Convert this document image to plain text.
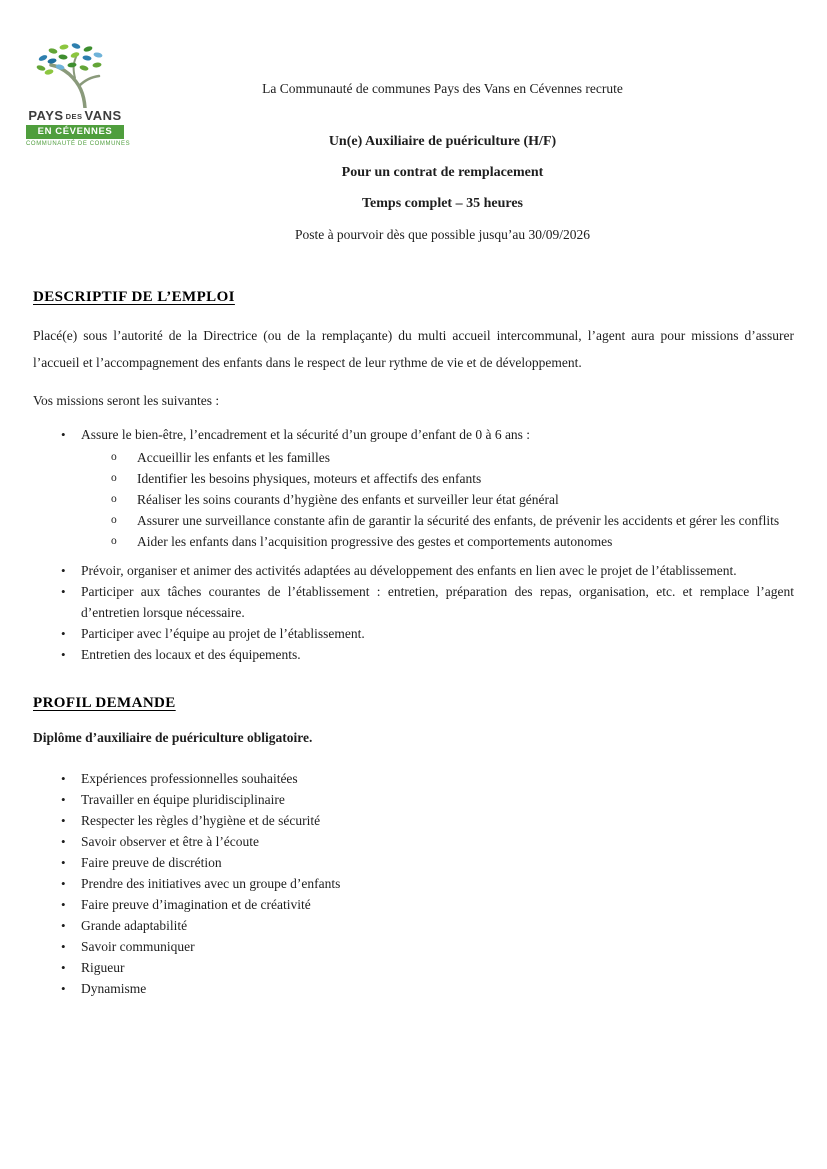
PAYS DES VANS
EN CÉVENNES
COMMUNAUTÉ DE COMMUNES

La Communauté de communes Pays des Vans en Cévennes recrute

Un(e) Auxiliaire de puériculture (H/F)

Pour un contrat de remplacement

Temps complet – 35 heures

Poste à pourvoir dès que possible jusqu’au 30/09/2026

DESCRIPTIF DE L’EMPLOI

Placé(e) sous l’autorité de la Directrice (ou de la remplaçante) du multi accueil intercommunal, l’agent aura pour missions d’assurer l’accueil et l’accompagnement des enfants dans le respect de leur rythme de vie et de développement.

Vos missions seront les suivantes :

• Assure le bien-être, l’encadrement et la sécurité d’un groupe d’enfant de 0 à 6 ans :
o Accueillir les enfants et les familles
o Identifier les besoins physiques, moteurs et affectifs des enfants
o Réaliser les soins courants d’hygiène des enfants et surveiller leur état général
o Assurer une surveillance constante afin de garantir la sécurité des enfants, de prévenir les accidents et gérer les conflits
o Aider les enfants dans l’acquisition progressive des gestes et comportements autonomes
• Prévoir, organiser et animer des activités adaptées au développement des enfants en lien avec le projet de l’établissement.
• Participer aux tâches courantes de l’établissement : entretien, préparation des repas, organisation, etc. et remplace l’agent d’entretien lorsque nécessaire.
• Participer avec l’équipe au projet de l’établissement.
• Entretien des locaux et des équipements.
PROFIL DEMANDE

Diplôme d’auxiliaire de puériculture obligatoire.

• Expériences professionnelles souhaitées
• Travailler en équipe pluridisciplinaire
• Respecter les règles d’hygiène et de sécurité
• Savoir observer et être à l’écoute
• Faire preuve de discrétion
• Prendre des initiatives avec un groupe d’enfants
• Faire preuve d’imagination et de créativité
• Grande adaptabilité
• Savoir communiquer
• Rigueur
• Dynamisme
